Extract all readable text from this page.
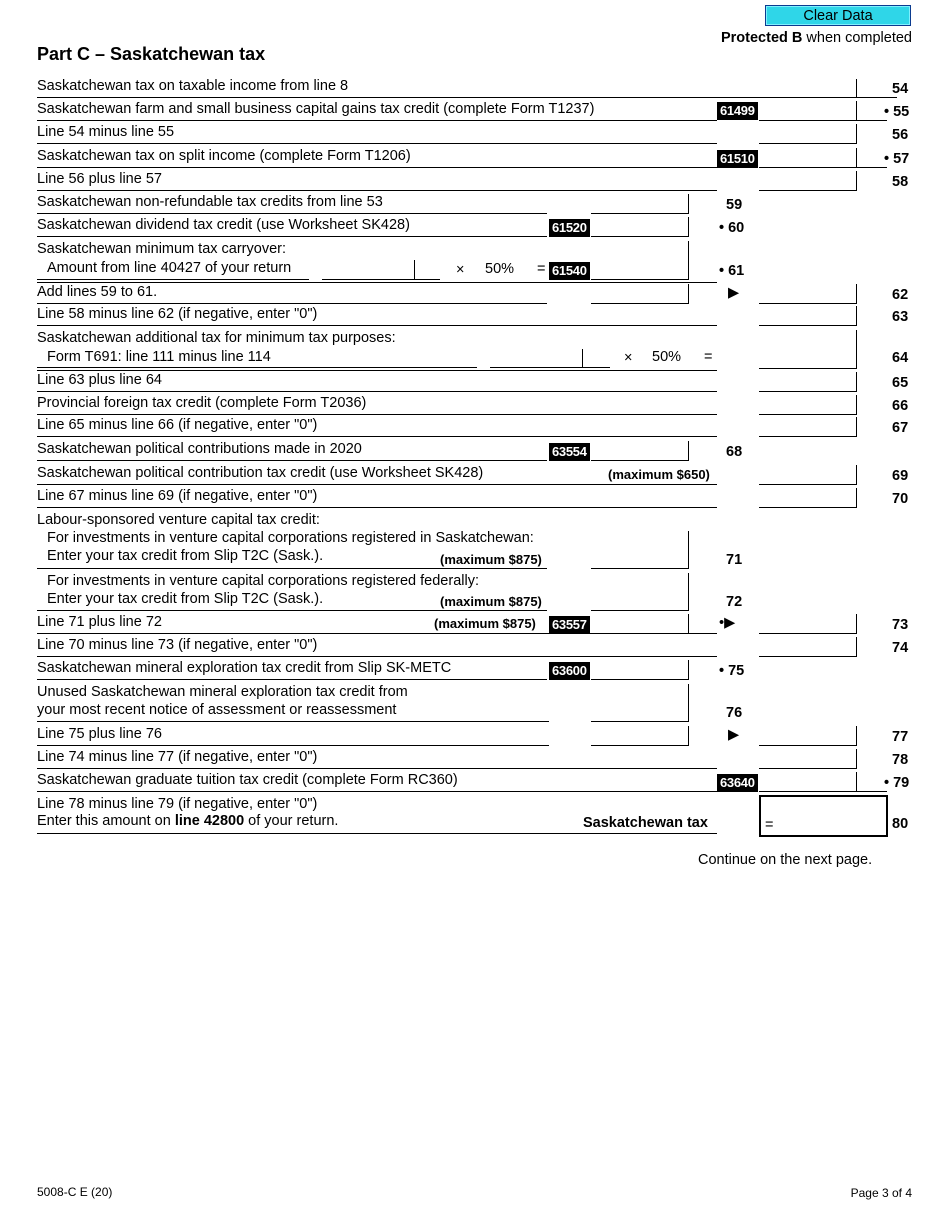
Clear Data
Protected B when completed
Part C – Saskatchewan tax
Saskatchewan tax on taxable income from line 8	54
Saskatchewan farm and small business capital gains tax credit (complete Form T1237)	61499	• 55
Line 54 minus line 55	56
Saskatchewan tax on split income (complete Form T1206)	61510	• 57
Line 56 plus line 57	58
Saskatchewan non-refundable tax credits from line 53	59
Saskatchewan dividend tax credit (use Worksheet SK428)	61520	• 60
Saskatchewan minimum tax carryover:
Amount from line 40427 of your return	× 50% = 61540	• 61
Add lines 59 to 61.	▶	62
Line 58 minus line 62 (if negative, enter "0")	63
Saskatchewan additional tax for minimum tax purposes:
Form T691: line 111 minus line 114	× 50% =	64
Line 63 plus line 64	65
Provincial foreign tax credit (complete Form T2036)	66
Line 65 minus line 66 (if negative, enter "0")	67
Saskatchewan political contributions made in 2020	63554	68
Saskatchewan political contribution tax credit (use Worksheet SK428)	(maximum $650)	69
Line 67 minus line 69 (if negative, enter "0")	70
Labour-sponsored venture capital tax credit:
For investments in venture capital corporations registered in Saskatchewan:
Enter your tax credit from Slip T2C (Sask.).	(maximum $875)	71
For investments in venture capital corporations registered federally:
Enter your tax credit from Slip T2C (Sask.).	(maximum $875)	72
Line 71 plus line 72	(maximum $875) 63557	•▶	73
Line 70 minus line 73 (if negative, enter "0")	74
Saskatchewan mineral exploration tax credit from Slip SK-METC	63600	• 75
Unused Saskatchewan mineral exploration tax credit from
your most recent notice of assessment or reassessment	76
Line 75 plus line 76	▶	77
Line 74 minus line 77 (if negative, enter "0")	78
Saskatchewan graduate tuition tax credit (complete Form RC360)	63640	• 79
Line 78 minus line 79 (if negative, enter "0")
Enter this amount on line 42800 of your return.	Saskatchewan tax	=	80
Continue on the next page.
5008-C E (20)	Page 3 of 4
